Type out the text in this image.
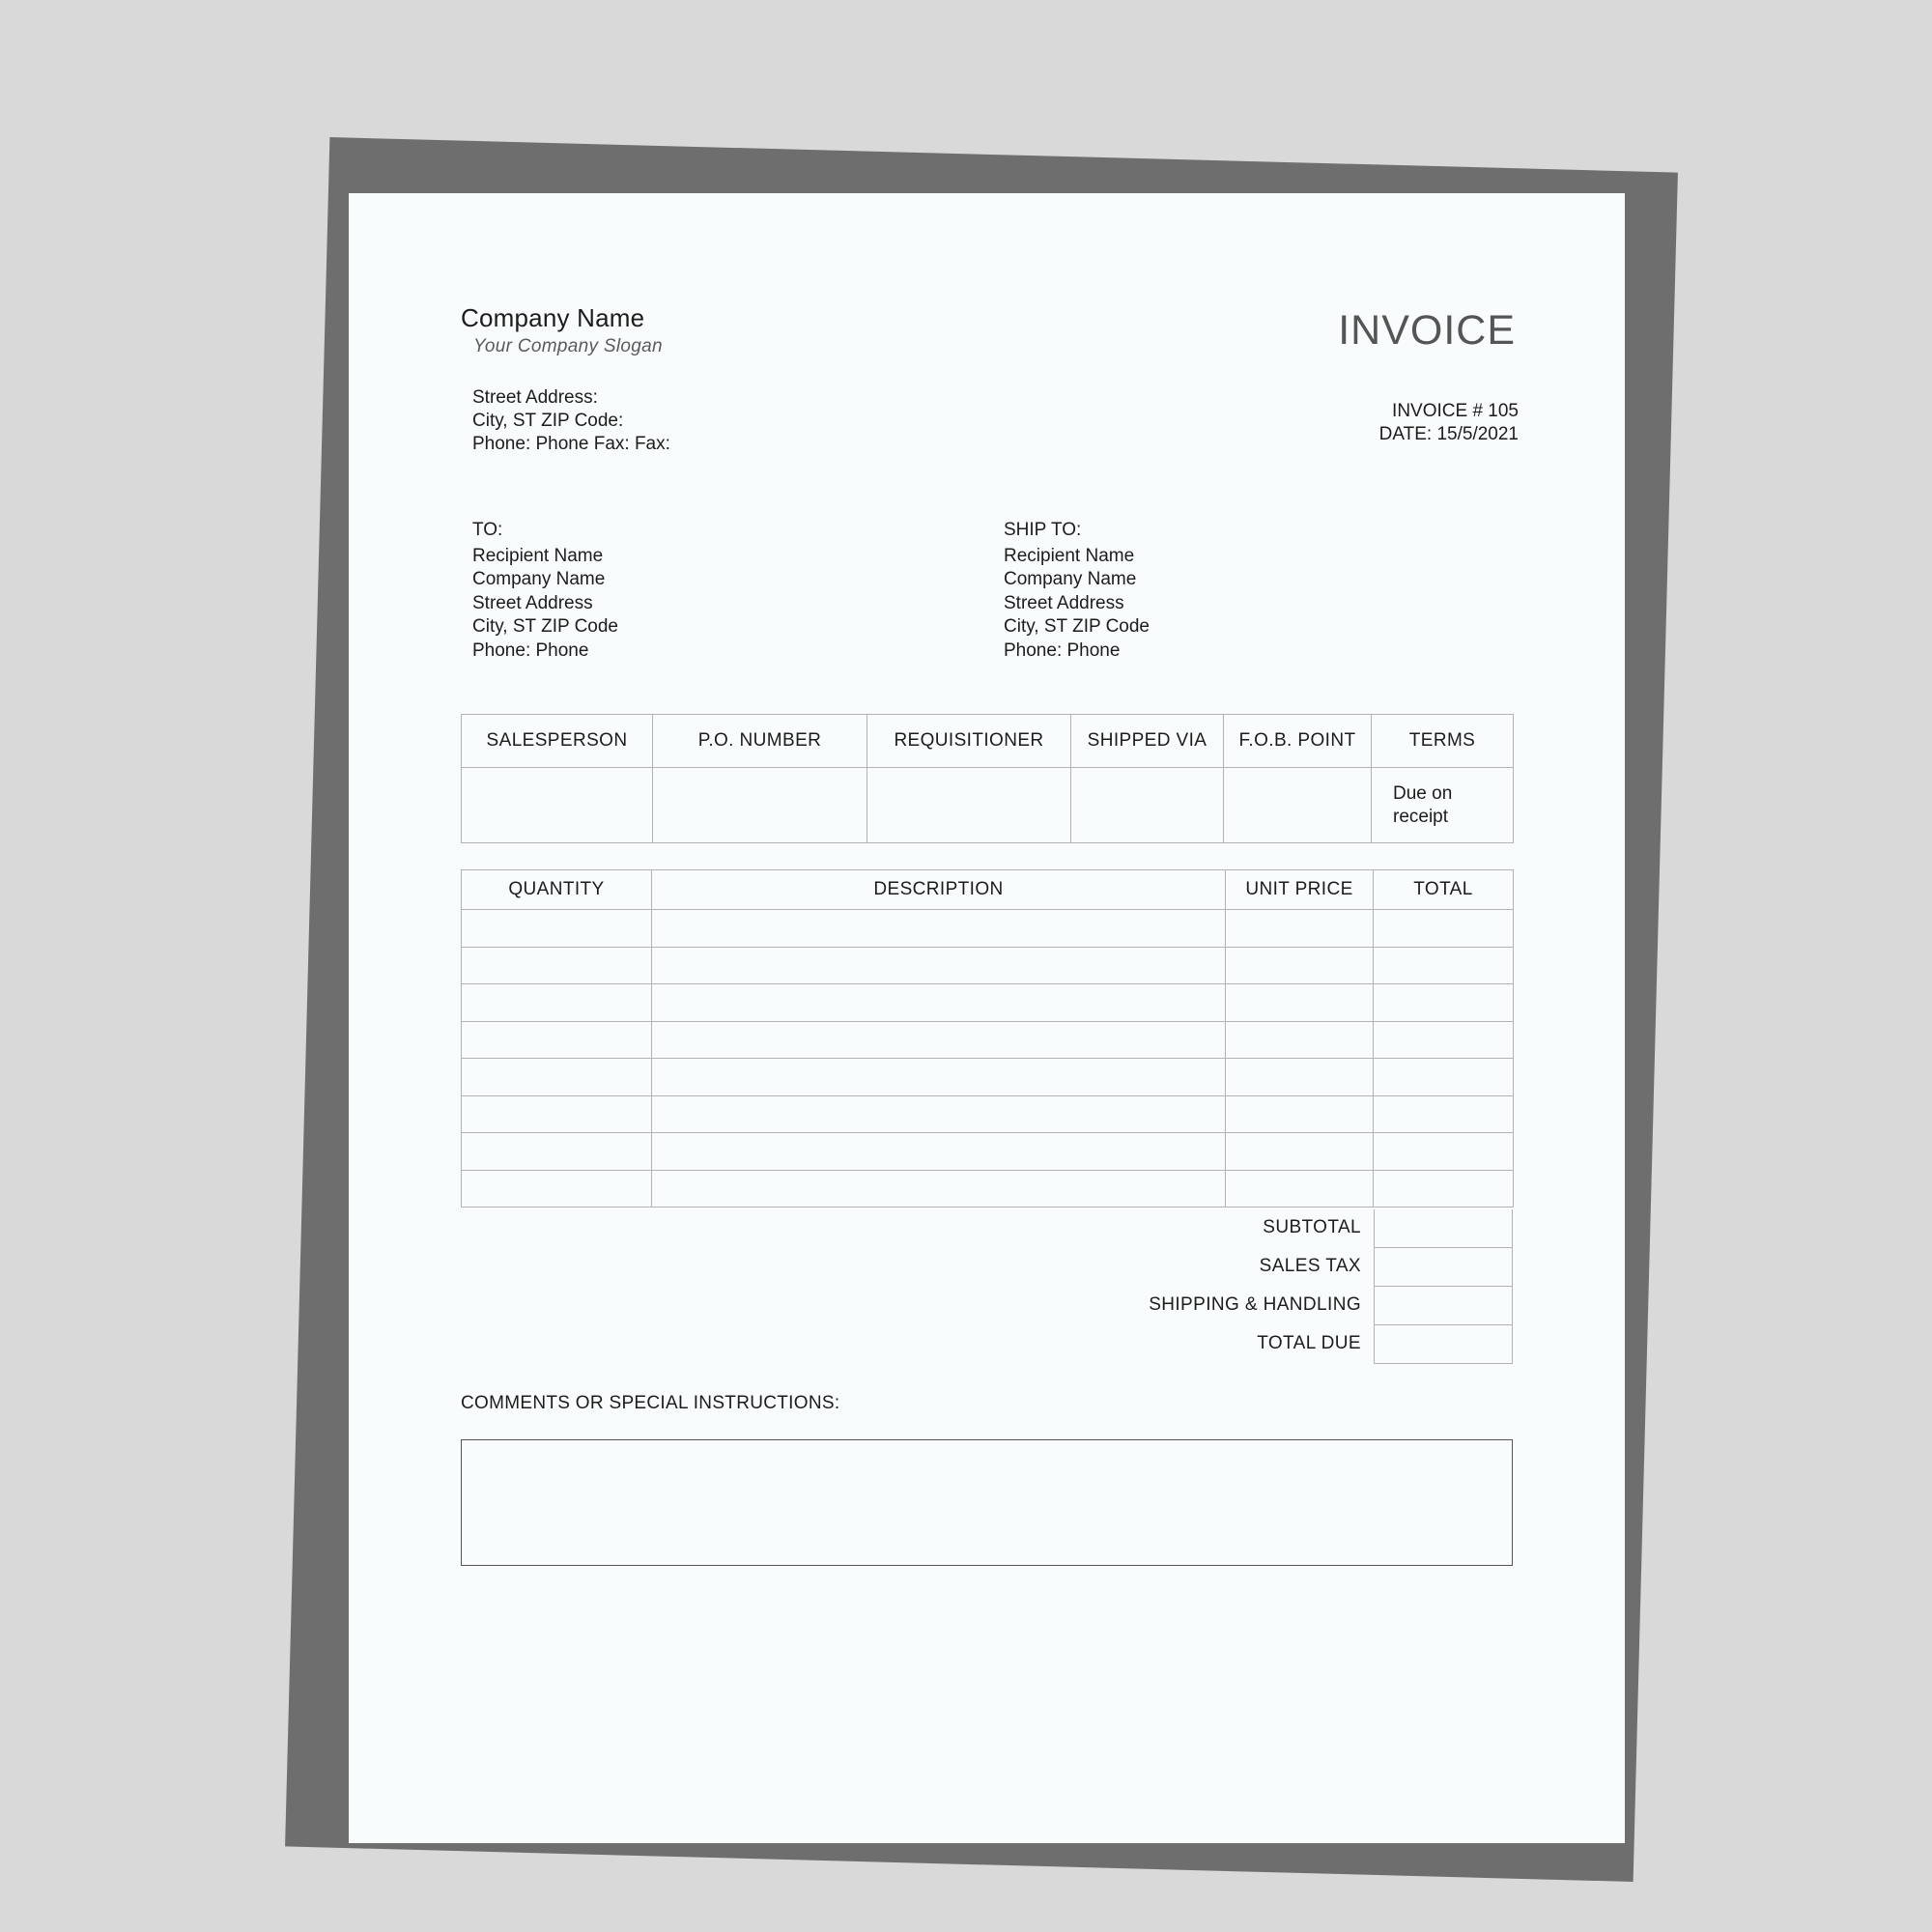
Company Name
Your Company Slogan
Street Address:
City, ST ZIP Code:
Phone: Phone Fax: Fax:
INVOICE
INVOICE # 105
DATE: 15/5/2021
TO:
Recipient Name
Company Name
Street Address
City, ST ZIP Code
Phone: Phone
SHIP TO:
Recipient Name
Company Name
Street Address
City, ST ZIP Code
Phone: Phone
SALESPERSON	P.O. NUMBER	REQUISITIONER	SHIPPED VIA	F.O.B. POINT	TERMS

					Due on receipt
QUANTITY	DESCRIPTION	UNIT PRICE	TOTAL

SUBTOTAL
SALES TAX
SHIPPING & HANDLING
TOTAL DUE
COMMENTS OR SPECIAL INSTRUCTIONS:
